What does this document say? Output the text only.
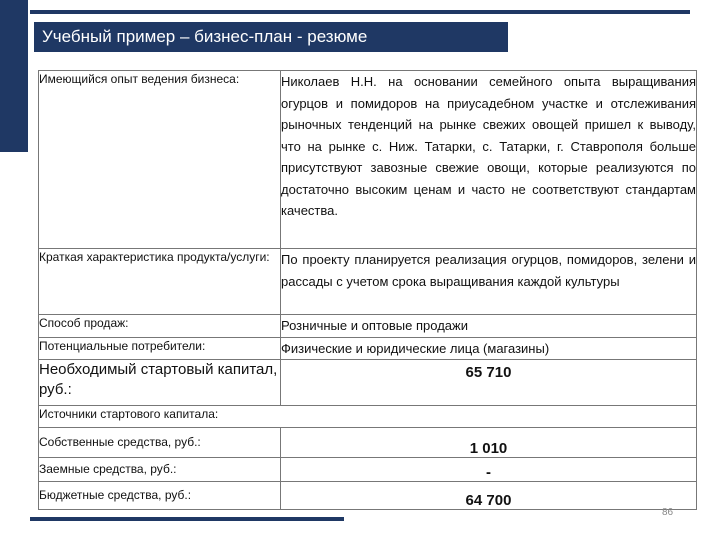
Учебный пример – бизнес-план - резюме
Имеющийся опыт ведения бизнеса:	Николаев Н.Н. на основании семейного опыта выращивания огурцов и помидоров на приусадебном участке и отслеживания рыночных тенденций на рынке свежих овощей пришел к выводу, что на рынке с. Ниж. Татарки, с. Татарки, г. Ставрополя больше присутствуют завозные свежие овощи, которые реализуются по достаточно высоким ценам и часто не соответствуют стандартам качества.
Краткая характеристика продукта/услуги:	По проекту планируется реализация огурцов, помидоров, зелени и рассады с учетом срока выращивания каждой культуры
Способ продаж:	Розничные и оптовые продажи
Потенциальные потребители:	Физические и юридические лица (магазины)
Необходимый стартовый капитал, руб.:	65 710
Источники стартового капитала:	
Собственные средства, руб.:	1 010
Заемные средства, руб.:	-
Бюджетные средства, руб.:	64 700
86
